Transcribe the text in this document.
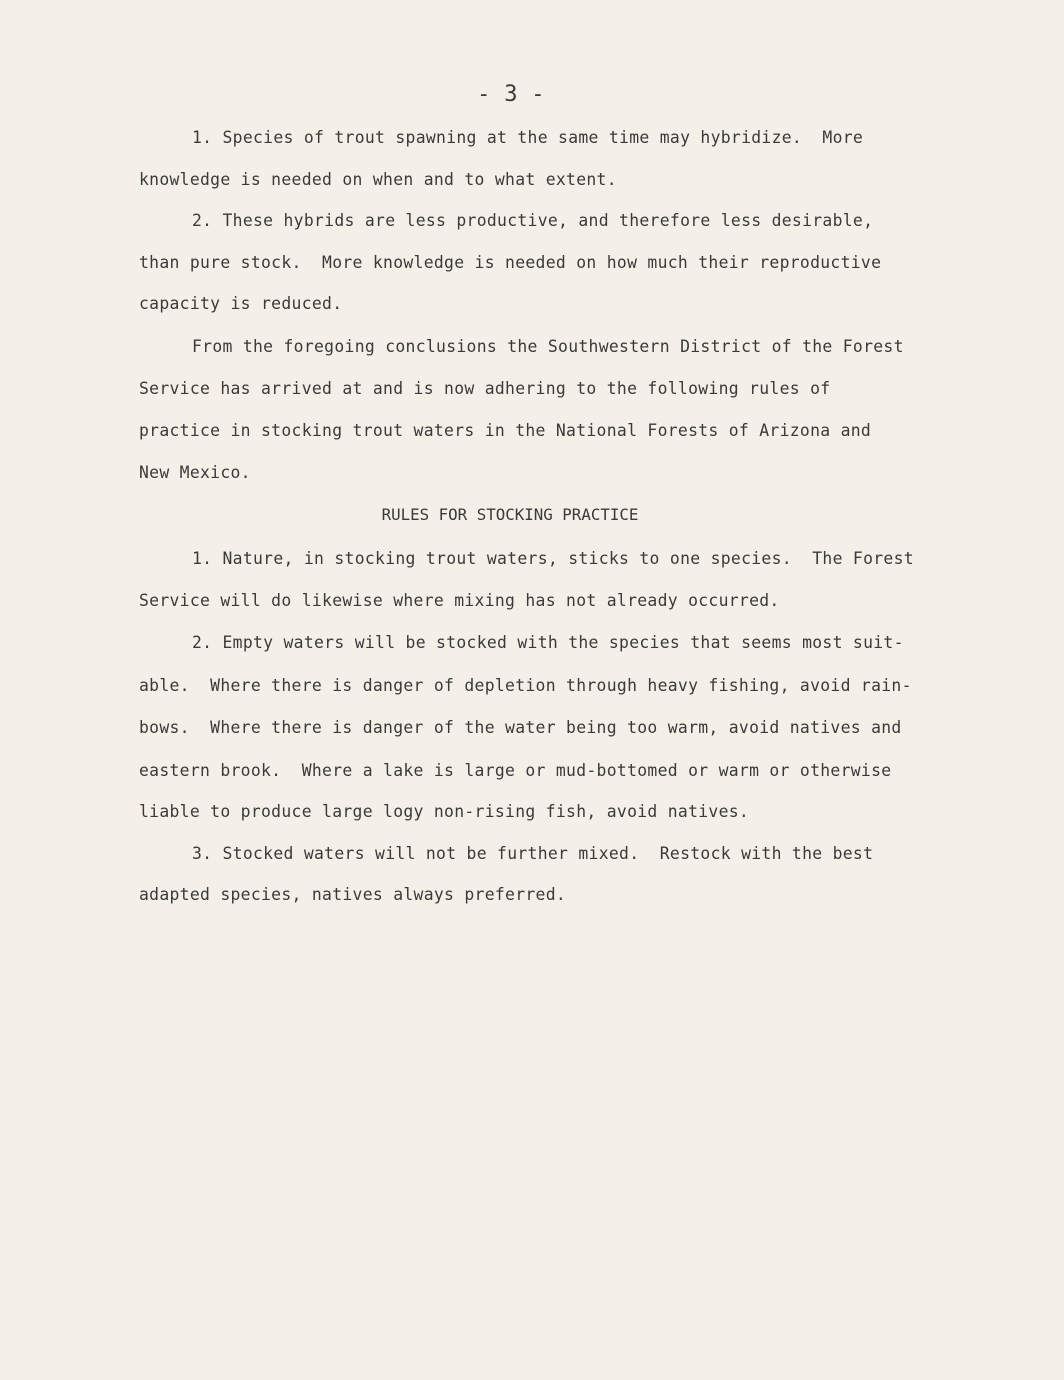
- 3 -
1. Species of trout spawning at the same time may hybridize.  More
knowledge is needed on when and to what extent.
2. These hybrids are less productive, and therefore less desirable,
than pure stock.  More knowledge is needed on how much their reproductive
capacity is reduced.
From the foregoing conclusions the Southwestern District of the Forest
Service has arrived at and is now adhering to the following rules of
practice in stocking trout waters in the National Forests of Arizona and
New Mexico.
RULES FOR STOCKING PRACTICE
1. Nature, in stocking trout waters, sticks to one species.  The Forest
Service will do likewise where mixing has not already occurred.
2. Empty waters will be stocked with the species that seems most suit-
able.  Where there is danger of depletion through heavy fishing, avoid rain-
bows.  Where there is danger of the water being too warm, avoid natives and
eastern brook.  Where a lake is large or mud-bottomed or warm or otherwise
liable to produce large logy non-rising fish, avoid natives.
3. Stocked waters will not be further mixed.  Restock with the best
adapted species, natives always preferred.
